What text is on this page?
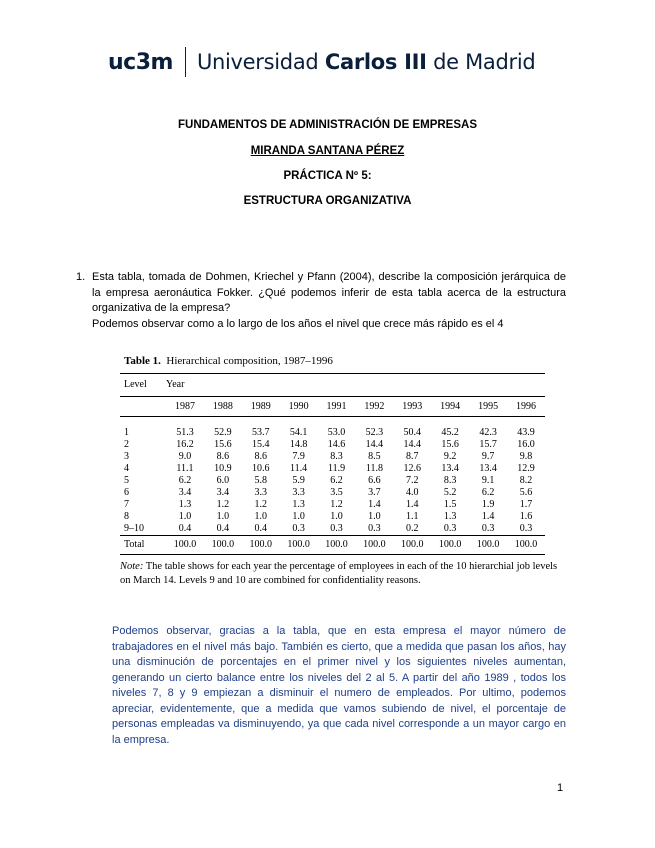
uc3m Universidad Carlos III de Madrid
FUNDAMENTOS DE ADMINISTRACIÓN DE EMPRESAS
MIRANDA SANTANA PÉREZ
PRÁCTICA Nº 5:
ESTRUCTURA ORGANIZATIVA
1. Esta tabla, tomada de Dohmen, Kriechel y Pfann (2004), describe la composición jerárquica de la empresa aeronáutica Fokker. ¿Qué podemos inferir de esta tabla acerca de la estructura organizativa de la empresa?

Podemos observar como a lo largo de los años el nivel que crece más rápido es el 4

Table 1. Hierarchical composition, 1987–1996
Level	Year									
	1987	1988	1989	1990	1991	1992	1993	1994	1995	1996
1	51.3	52.9	53.7	54.1	53.0	52.3	50.4	45.2	42.3	43.9
2	16.2	15.6	15.4	14.8	14.6	14.4	14.4	15.6	15.7	16.0
3	9.0	8.6	8.6	7.9	8.3	8.5	8.7	9.2	9.7	9.8
4	11.1	10.9	10.6	11.4	11.9	11.8	12.6	13.4	13.4	12.9
5	6.2	6.0	5.8	5.9	6.2	6.6	7.2	8.3	9.1	8.2
6	3.4	3.4	3.3	3.3	3.5	3.7	4.0	5.2	6.2	5.6
7	1.3	1.2	1.2	1.3	1.2	1.4	1.4	1.5	1.9	1.7
8	1.0	1.0	1.0	1.0	1.0	1.0	1.1	1.3	1.4	1.6
9–10	0.4	0.4	0.4	0.3	0.3	0.3	0.2	0.3	0.3	0.3
Total	100.0	100.0	100.0	100.0	100.0	100.0	100.0	100.0	100.0	100.0
Note: The table shows for each year the percentage of employees in each of the 10 hierarchial job levels on March 14. Levels 9 and 10 are combined for confidentiality reasons.

Podemos observar, gracias a la tabla, que en esta empresa el mayor número de trabajadores en el nivel más bajo. También es cierto, que a medida que pasan los años, hay una disminución de porcentajes en el primer nivel y los siguientes niveles aumentan, generando un cierto balance entre los niveles del 2 al 5. A partir del año 1989 , todos los niveles 7, 8 y 9 empiezan a disminuir el numero de empleados. Por ultimo, podemos apreciar, evidentemente, que a medida que vamos subiendo de nivel, el porcentaje de personas empleadas va disminuyendo, ya que cada nivel corresponde a un mayor cargo en la empresa.

1
